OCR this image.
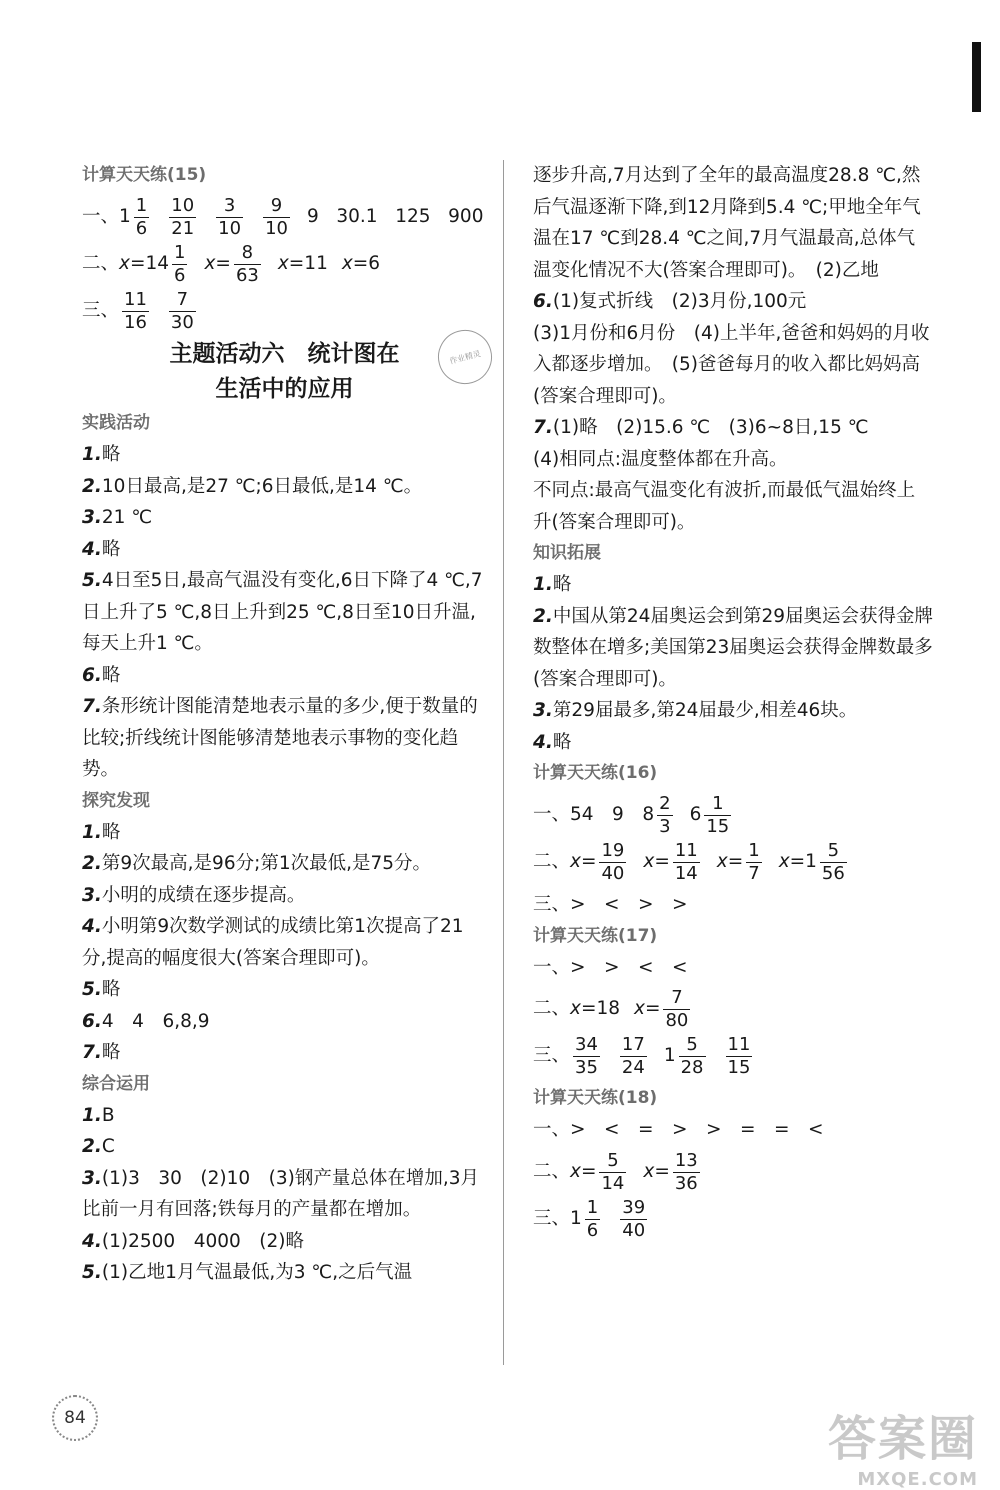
作业精灵
计算天天练(15)
一、 $1 \frac{1}{6} \frac{10}{21} \frac{3}{10} \frac{9}{10} 9$   30.1   125   900
二、 $x =14 \frac{1}{6}$ $x = \frac{8}{63}$ x =11 x =6
三、 $\frac{11}{16} \frac{7}{30}$
主题活动六　统计图在
生活中的应用
实践活动
1.略
2.10日最高,是27 ℃;6日最低,是14 ℃。
3.21 ℃
4.略
5.4日至5日,最高气温没有变化,6日下降了4 ℃,7日上升了5 ℃,8日上升到25 ℃,8日至10日升温,每天上升1 ℃。
6.略
7.条形统计图能清楚地表示量的多少,便于数量的比较;折线统计图能够清楚地表示事物的变化趋势。
探究发现
1.略
2.第9次最高,是96分;第1次最低,是75分。
3.小明的成绩在逐步提高。
4.小明第9次数学测试的成绩比第1次提高了21分,提高的幅度很大(答案合理即可)。
5.略
6.4　4　6,8,9
7.略
综合运用
1.B
2.C
3.(1)3　30　(2)10　(3)钢产量总体在增加,3月比前一月有回落;铁每月的产量都在增加。
4.(1)2500　4000　(2)略
5.(1)乙地1月气温最低,为3 ℃,之后气温
逐步升高,7月达到了全年的最高温度28.8 ℃,然后气温逐渐下降,到12月降到5.4 ℃;甲地全年气温在17 ℃到28.4 ℃之间,7月气温最高,总体气温变化情况不大(答案合理即可)。　(2)乙地
6.(1)复式折线　(2)3月份,100元
(3)1月份和6月份　(4)上半年,爸爸和妈妈的月收入都逐步增加。　(5)爸爸每月的收入都比妈妈高(答案合理即可)。
7.(1)略　(2)15.6 ℃　(3)6~8日,15 ℃
(4)相同点:温度整体都在升高。
不同点:最高气温变化有波折,而最低气温始终上升(答案合理即可)。
知识拓展
1.略
2.中国从第24届奥运会到第29届奥运会获得金牌数整体在增多;美国第23届奥运会获得金牌数最多(答案合理即可)。
3.第29届最多,第24届最少,相差46块。
4.略
计算天天练(16)
一、 54　9　$8 \frac{2}{3} 6 \frac{1}{15}$
二、 $x = \frac{19}{40}$ $x = \frac{11}{14}$ $x = \frac{1}{7}$ $x =1 \frac{5}{56}$
三、>　<　>　>
计算天天练(17)
一、>　>　<　<
二、 x =18 $x = \frac{7}{80}$
三、 $\frac{34}{35} \frac{17}{24} 1 \frac{5}{28} \frac{11}{15}$
计算天天练(18)
一、>　<　=　>　>　=　=　<
二、 $x = \frac{5}{14}$ $x = \frac{13}{36}$
三、 $1 \frac{1}{6} \frac{39}{40}$
84	答案圈
MXQE.COM
